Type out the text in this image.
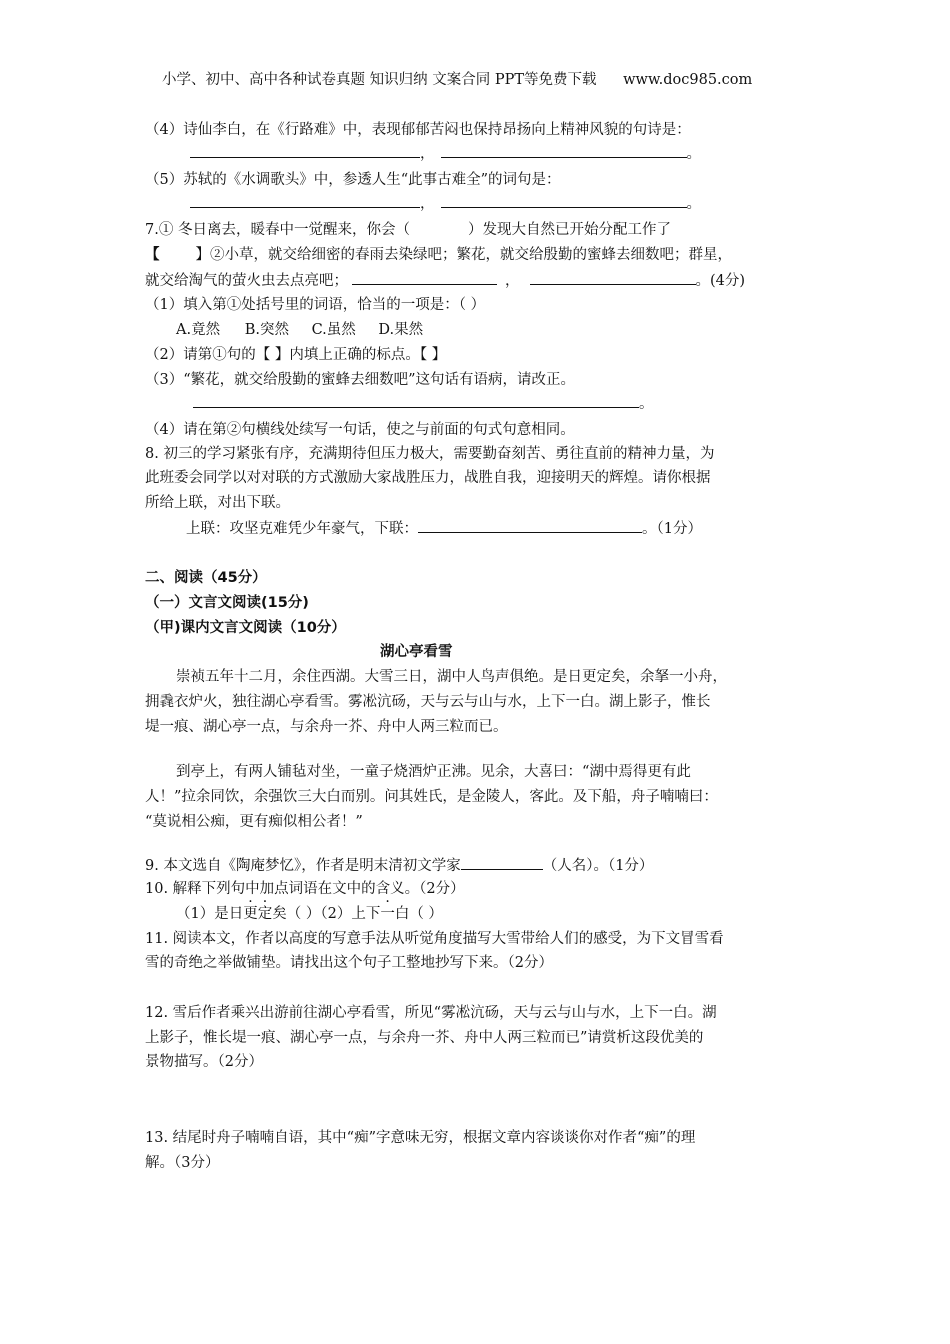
小学、初中、高中各种试卷真题 知识归纳 文案合同 PPT等免费下载 www.doc985.com
（4）诗仙李白，在《行路难》中，表现郁郁苦闷也保持昂扬向上精神风貌的句诗是：
，	。
（5）苏轼的《水调歌头》中，参透人生“此事古难全”的词句是：
，	。
7.① 冬日离去，暖春中一觉醒来，你会（	）发现大自然已开始分配工作了
【 】②小草，就交给细密的春雨去染绿吧；繁花，就交给殷勤的蜜蜂去细数吧；群星，
就交给淘气的萤火虫去点亮吧；	，	。(4分)
（1）填入第①处括号里的词语，恰当的一项是：（ ）
A.竟然 B.突然 C.虽然 D.果然
（2）请第①句的【 】内填上正确的标点。【 】
（3）“繁花，就交给殷勤的蜜蜂去细数吧”这句话有语病，请改正。
。
（4）请在第②句横线处续写一句话，使之与前面的句式句意相同。
8. 初三的学习紧张有序，充满期待但压力极大，需要勤奋刻苦、勇往直前的精神力量，为
此班委会同学以对对联的方式激励大家战胜压力，战胜自我，迎接明天的辉煌。请你根据
所给上联，对出下联。
上联：攻坚克难凭少年豪气，下联：	。（1分）
二、阅读（45分）
（一）文言文阅读(15分)
（甲)课内文言文阅读（10分）
湖心亭看雪
崇祯五年十二月，余住西湖。大雪三日，湖中人鸟声俱绝。是日更定矣，余拏一小舟，
拥毳衣炉火，独往湖心亭看雪。雾凇沆砀，天与云与山与水，上下一白。湖上影子，惟长
堤一痕、湖心亭一点，与余舟一芥、舟中人两三粒而已。
到亭上，有两人铺毡对坐，一童子烧酒炉正沸。见余，大喜曰：“湖中焉得更有此
人！”拉余同饮，余强饮三大白而别。问其姓氏，是金陵人，客此。及下船，舟子喃喃曰：
“莫说相公痴，更有痴似相公者！”
9. 本文选自《陶庵梦忆》，作者是明末清初文学家	（人名）。（1分）
10. 解释下列句中加点词语在文中的含义。（2分）
（1）是日更定矣（ ）（2）上下一白（ ）
11. 阅读本文，作者以高度的写意手法从听觉角度描写大雪带给人们的感受，为下文冒雪看
雪的奇绝之举做铺垫。请找出这个句子工整地抄写下来。（2分）
12. 雪后作者乘兴出游前往湖心亭看雪，所见“雾凇沆砀，天与云与山与水，上下一白。湖
上影子，惟长堤一痕、湖心亭一点，与余舟一芥、舟中人两三粒而已”请赏析这段优美的
景物描写。（2分）
13. 结尾时舟子喃喃自语，其中“痴”字意味无穷，根据文章内容谈谈你对作者“痴”的理
解。（3分）
